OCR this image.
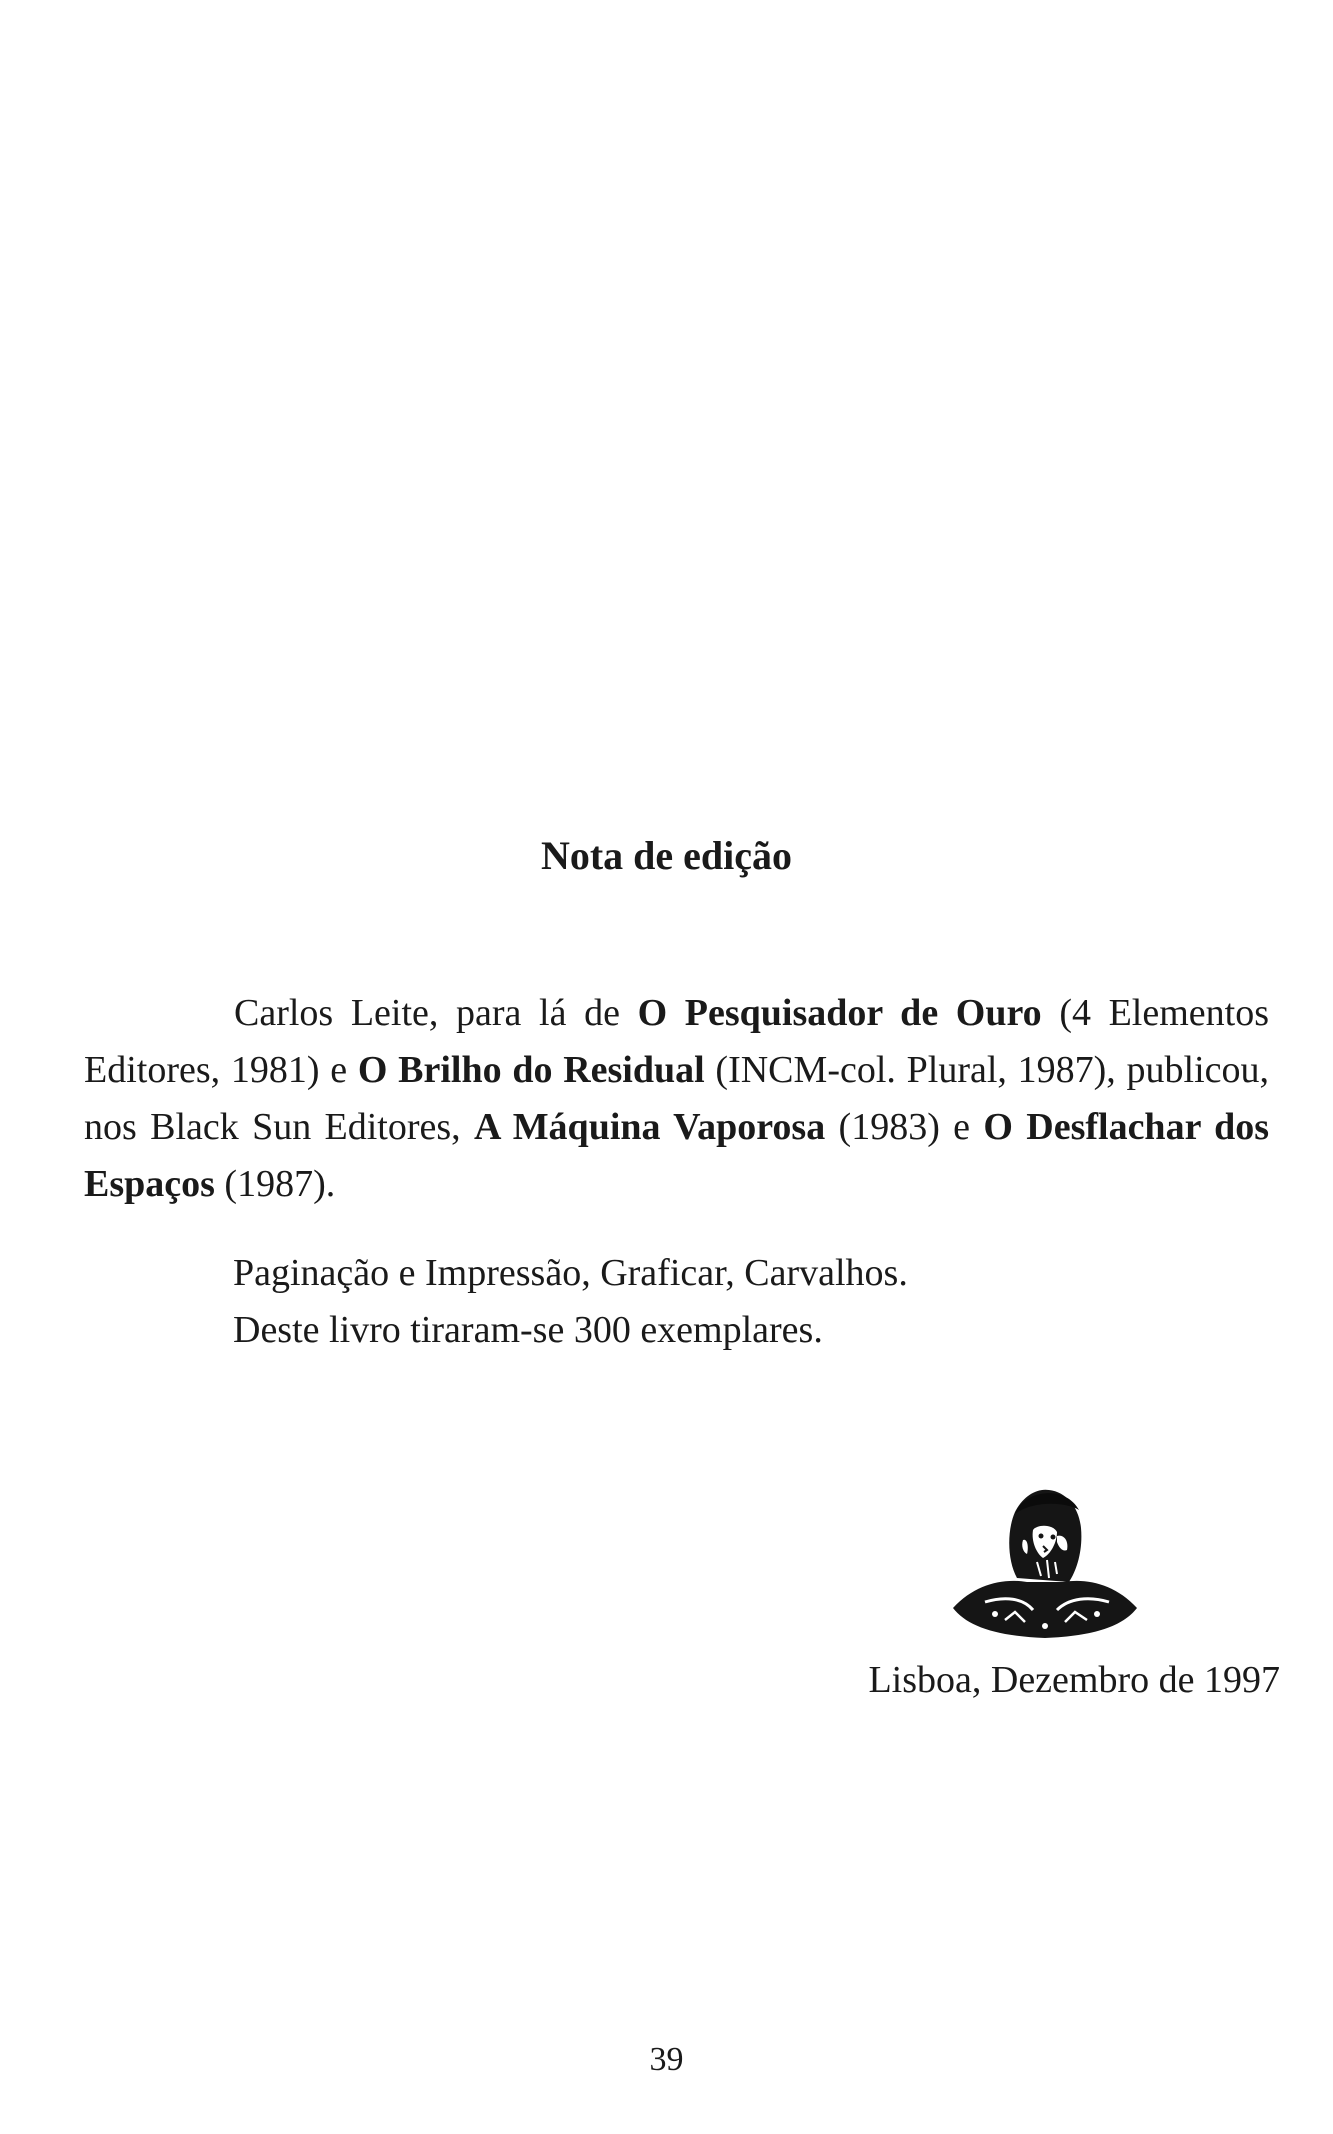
Nota de edição

Carlos Leite, para lá de O Pesquisador de Ouro (4 Elementos Editores, 1981) e O Brilho do Residual (INCM-col. Plural, 1987), publicou, nos Black Sun Editores, A Máquina Vaporosa (1983) e O Desflachar dos Espaços (1987).

Paginação e Impressão, Graficar, Carvalhos.
Deste livro tiraram-se 300 exemplares.
Lisboa, Dezembro de 1997
39
